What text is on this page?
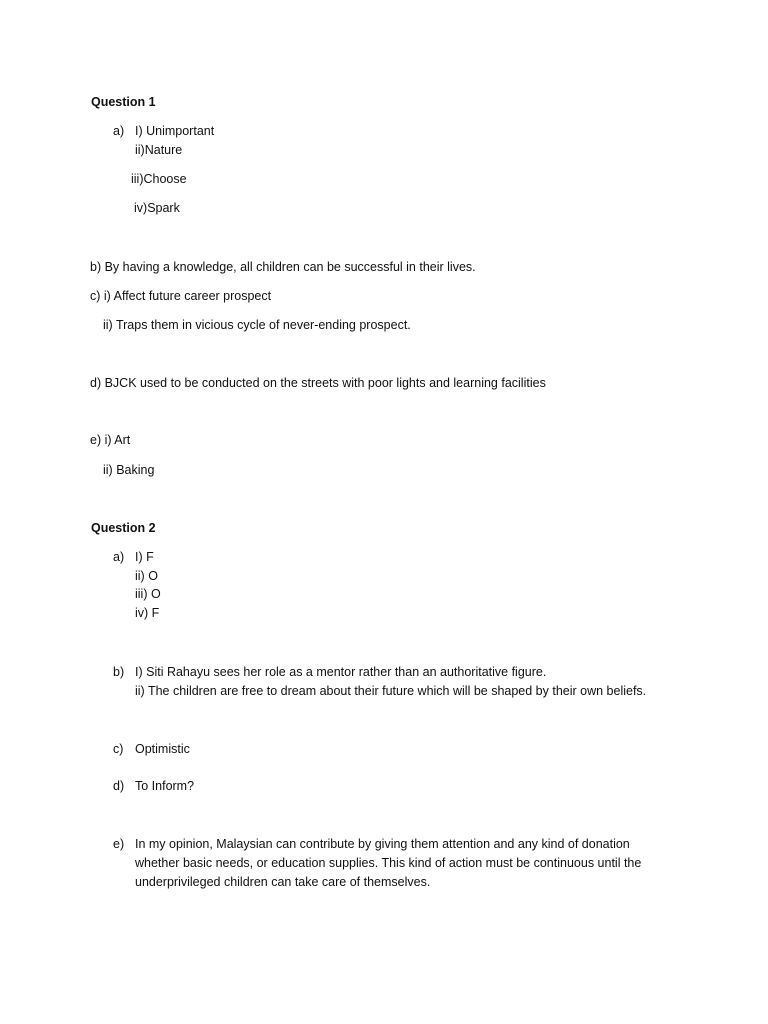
Question 1
a) I) Unimportant
ii)Nature
iii)Choose
iv)Spark
b) By having a knowledge, all children can be successful in their lives.
c) i) Affect future career prospect
ii) Traps them in vicious cycle of never-ending prospect.
d) BJCK used to be conducted on the streets with poor lights and learning facilities
e) i) Art
ii) Baking
Question 2
a) I) F
ii) O
iii) O
iv) F
b) I) Siti Rahayu sees her role as a mentor rather than an authoritative figure.
ii) The children are free to dream about their future which will be shaped by their own beliefs.
c) Optimistic
d) To Inform?
e) In my opinion, Malaysian can contribute by giving them attention and any kind of donation
whether basic needs, or education supplies. This kind of action must be continuous until the
underprivileged children can take care of themselves.
